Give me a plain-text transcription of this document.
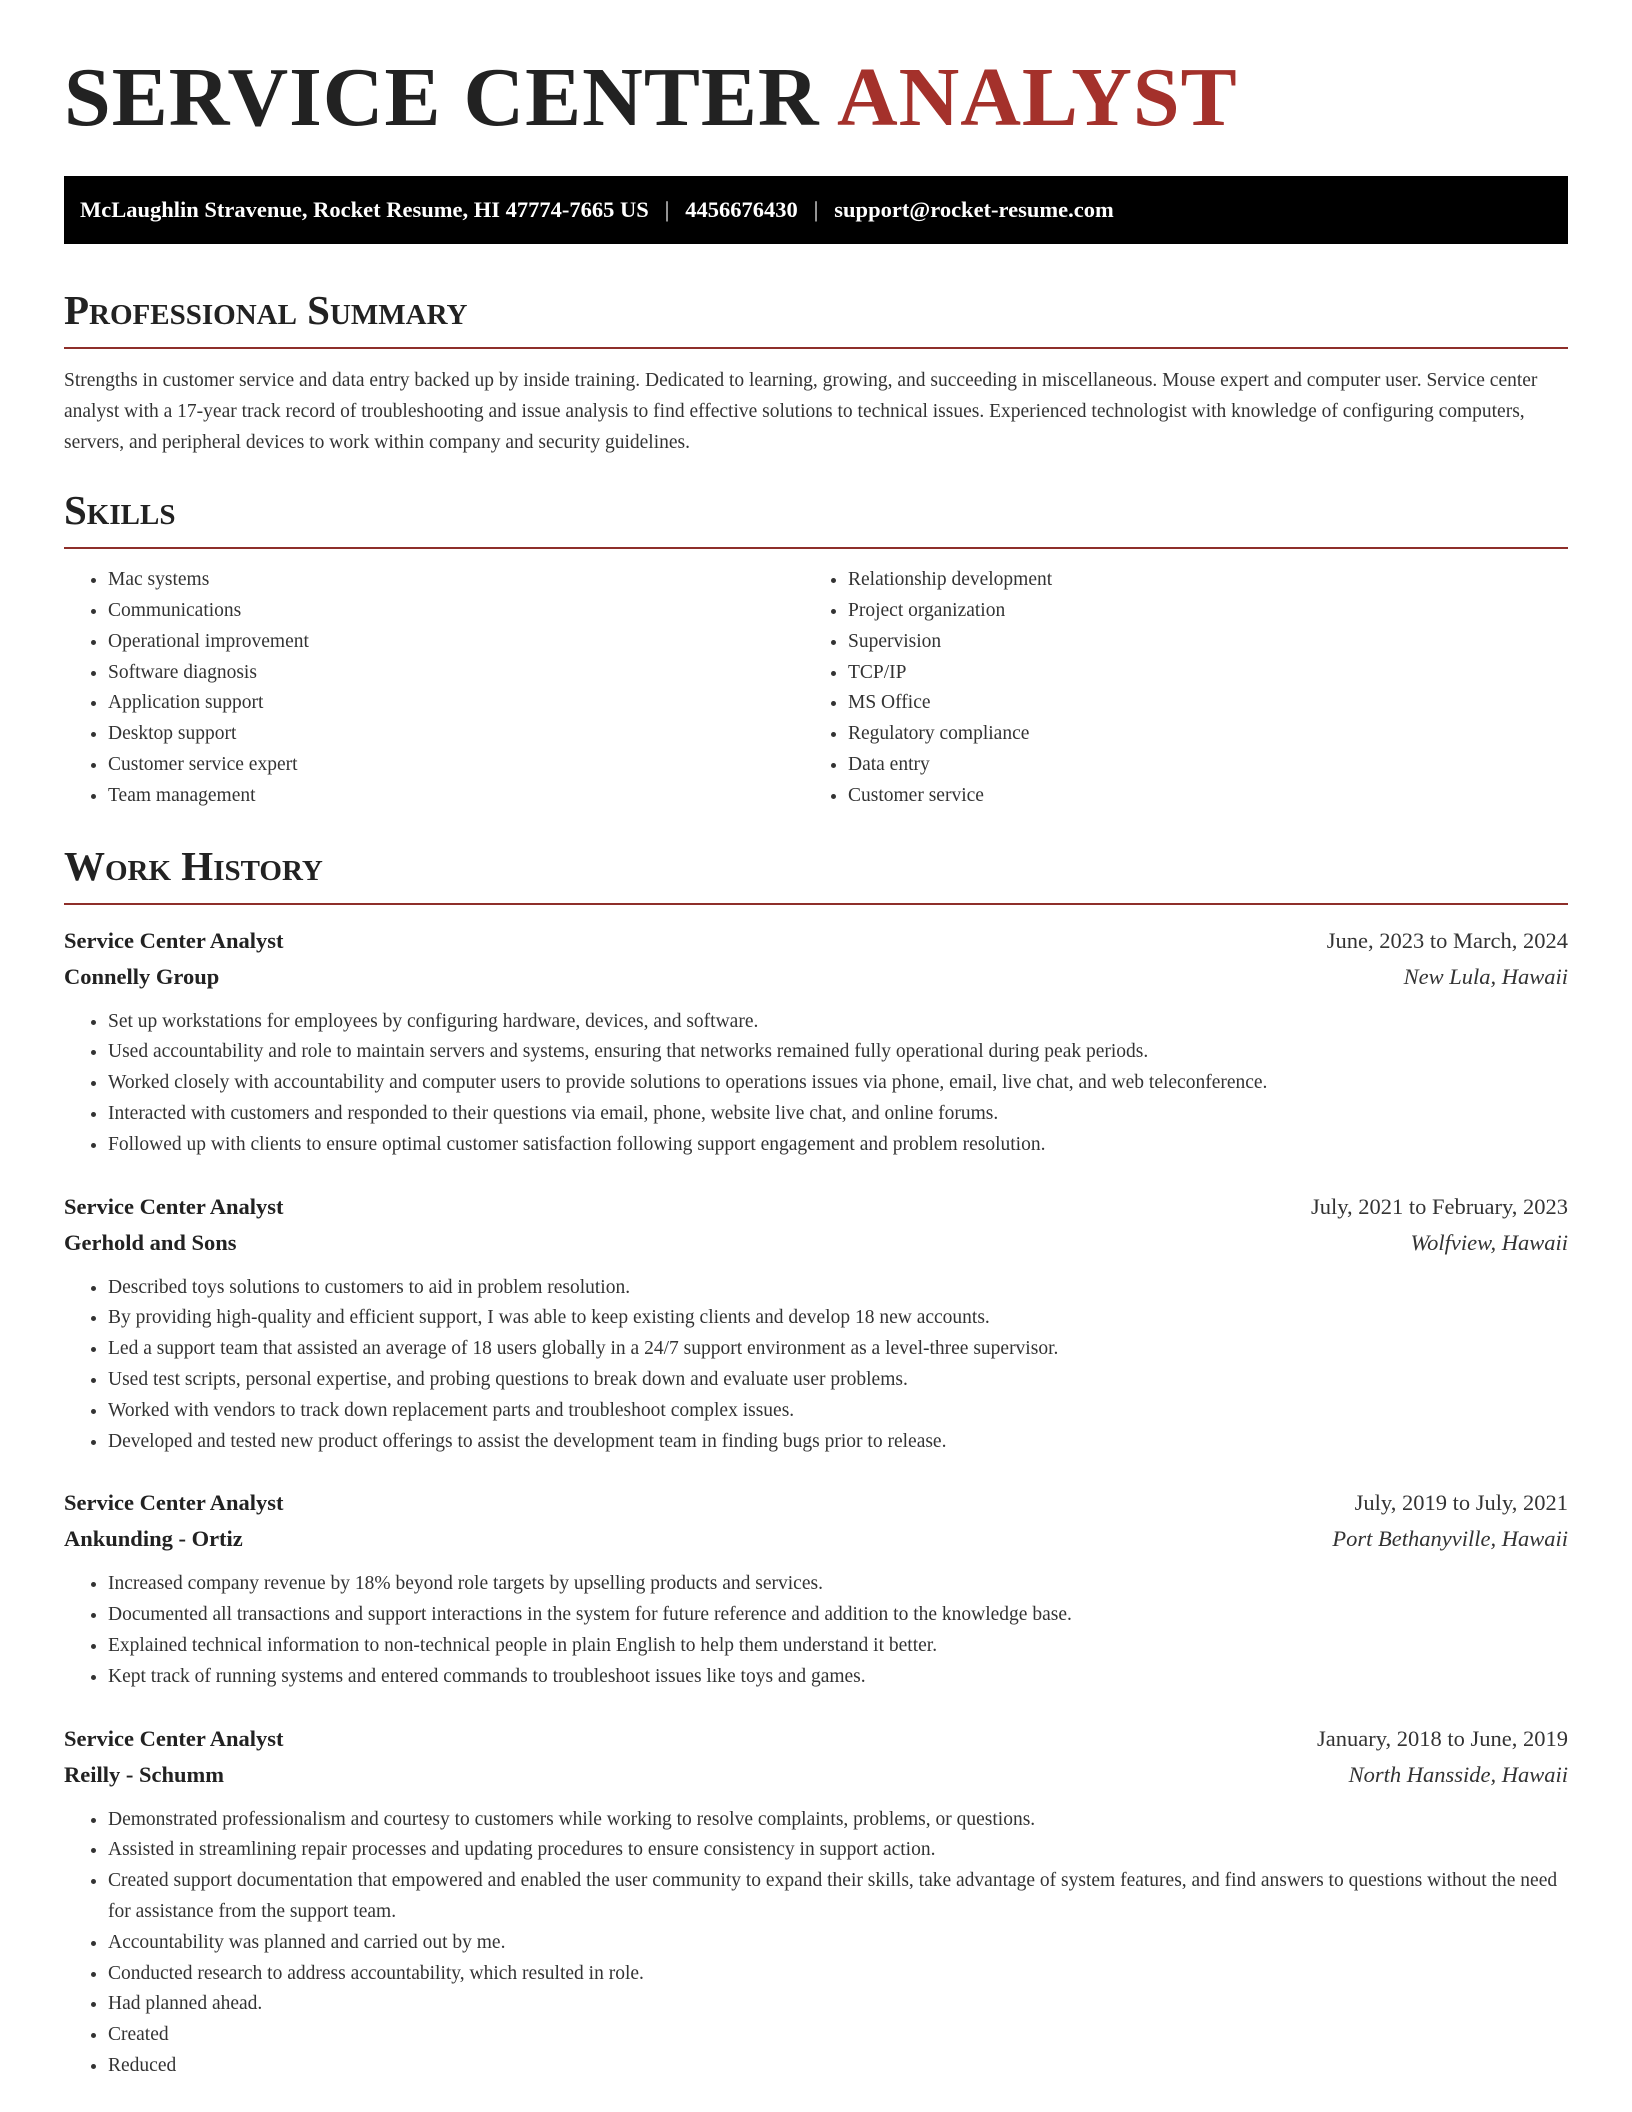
SERVICE CENTER ANALYST
McLaughlin Stravenue, Rocket Resume, HI 47774-7665 US | 4456676430 | support@rocket-resume.com
Professional Summary

Strengths in customer service and data entry backed up by inside training. Dedicated to learning, growing, and succeeding in miscellaneous. Mouse expert and computer user. Service center analyst with a 17-year track record of troubleshooting and issue analysis to find effective solutions to technical issues. Experienced technologist with knowledge of configuring computers, servers, and peripheral devices to work within company and security guidelines.

Skills
• Mac systems
• Communications
• Operational improvement
• Software diagnosis
• Application support
• Desktop support
• Customer service expert
• Team management
• Relationship development
• Project organization
• Supervision
• TCP/IP
• MS Office
• Regulatory compliance
• Data entry
• Customer service
Work History
Service Center Analyst	June, 2023 to March, 2024
Connelly Group	New Lula, Hawaii
• Set up workstations for employees by configuring hardware, devices, and software.
• Used accountability and role to maintain servers and systems, ensuring that networks remained fully operational during peak periods.
• Worked closely with accountability and computer users to provide solutions to operations issues via phone, email, live chat, and web teleconference.
• Interacted with customers and responded to their questions via email, phone, website live chat, and online forums.
• Followed up with clients to ensure optimal customer satisfaction following support engagement and problem resolution.
Service Center Analyst	July, 2021 to February, 2023
Gerhold and Sons	Wolfview, Hawaii
• Described toys solutions to customers to aid in problem resolution.
• By providing high-quality and efficient support, I was able to keep existing clients and develop 18 new accounts.
• Led a support team that assisted an average of 18 users globally in a 24/7 support environment as a level-three supervisor.
• Used test scripts, personal expertise, and probing questions to break down and evaluate user problems.
• Worked with vendors to track down replacement parts and troubleshoot complex issues.
• Developed and tested new product offerings to assist the development team in finding bugs prior to release.
Service Center Analyst	July, 2019 to July, 2021
Ankunding - Ortiz	Port Bethanyville, Hawaii
• Increased company revenue by 18% beyond role targets by upselling products and services.
• Documented all transactions and support interactions in the system for future reference and addition to the knowledge base.
• Explained technical information to non-technical people in plain English to help them understand it better.
• Kept track of running systems and entered commands to troubleshoot issues like toys and games.
Service Center Analyst	January, 2018 to June, 2019
Reilly - Schumm	North Hansside, Hawaii
• Demonstrated professionalism and courtesy to customers while working to resolve complaints, problems, or questions.
• Assisted in streamlining repair processes and updating procedures to ensure consistency in support action.
• Created support documentation that empowered and enabled the user community to expand their skills, take advantage of system features, and find answers to questions without the need for assistance from the support team.
• Accountability was planned and carried out by me.
• Conducted research to address accountability, which resulted in role.
• Had planned ahead.
• Created
• Reduced
